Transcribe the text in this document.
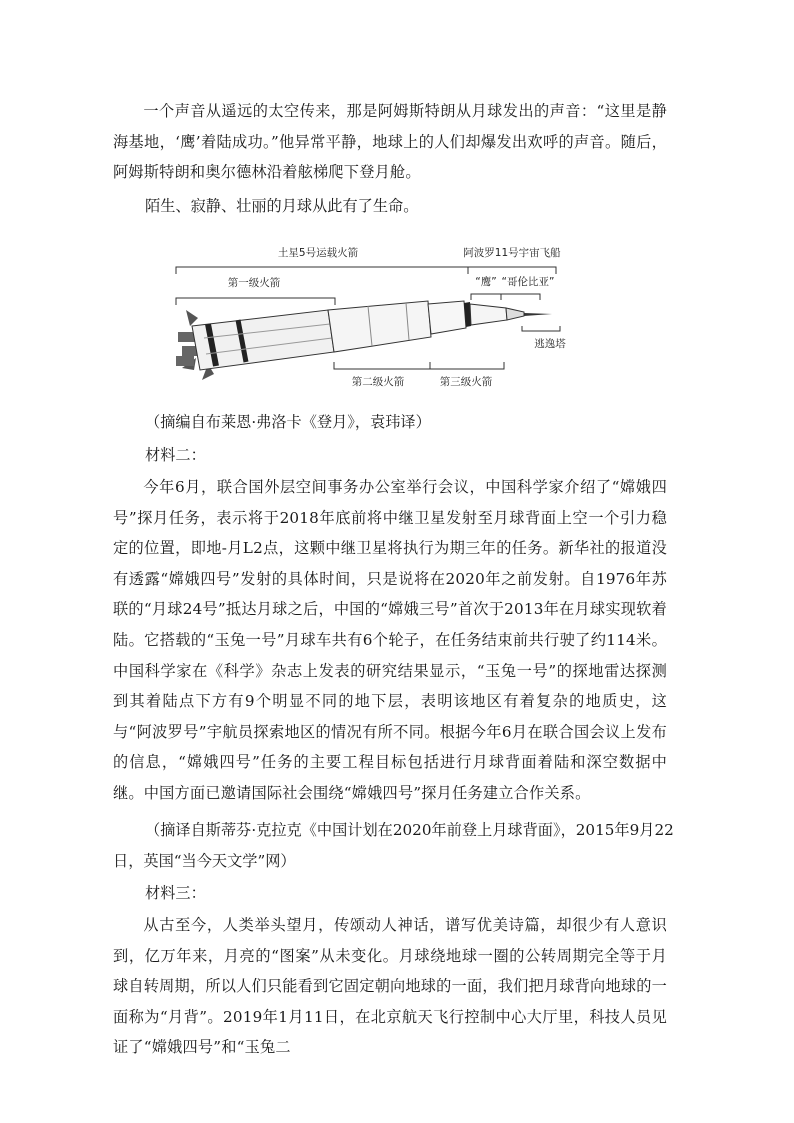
一个声音从遥远的太空传来，那是阿姆斯特朗从月球发出的声音：“这里是静海基地，‘鹰’着陆成功。”他异常平静，地球上的人们却爆发出欢呼的声音。随后，阿姆斯特朗和奥尔德林沿着舷梯爬下登月舱。

陌生、寂静、壮丽的月球从此有了生命。

土星5号运载火箭	阿波罗11号宇宙飞船
第一级火箭	“鹰” “哥伦比亚”
逃逸塔
第二级火箭	第三级火箭

（摘编自布莱恩·弗洛卡《登月》，袁玮译）

材料二：

今年6月，联合国外层空间事务办公室举行会议，中国科学家介绍了“嫦娥四号”探月任务，表示将于2018年底前将中继卫星发射至月球背面上空一个引力稳定的位置，即地-月L2点，这颗中继卫星将执行为期三年的任务。新华社的报道没有透露“嫦娥四号”发射的具体时间，只是说将在2020年之前发射。自1976年苏联的“月球24号”抵达月球之后，中国的“嫦娥三号”首次于2013年在月球实现软着陆。它搭载的“玉兔一号”月球车共有6个轮子，在任务结束前共行驶了约114米。中国科学家在《科学》杂志上发表的研究结果显示，“玉兔一号”的探地雷达探测到其着陆点下方有9个明显不同的地下层，表明该地区有着复杂的地质史，这与“阿波罗号”宇航员探索地区的情况有所不同。根据今年6月在联合国会议上发布的信息，“嫦娥四号”任务的主要工程目标包括进行月球背面着陆和深空数据中继。中国方面已邀请国际社会围绕“嫦娥四号”探月任务建立合作关系。

（摘译自斯蒂芬·克拉克《中国计划在2020年前登上月球背面》，2015年9月22

日，英国“当今天文学”网）

材料三：

从古至今，人类举头望月，传颂动人神话，谱写优美诗篇，却很少有人意识到，亿万年来，月亮的“图案”从未变化。月球绕地球一圈的公转周期完全等于月球自转周期，所以人们只能看到它固定朝向地球的一面，我们把月球背向地球的一面称为“月背”。2019年1月11日，在北京航天飞行控制中心大厅里，科技人员见证了“嫦娥四号”和“玉兔二
